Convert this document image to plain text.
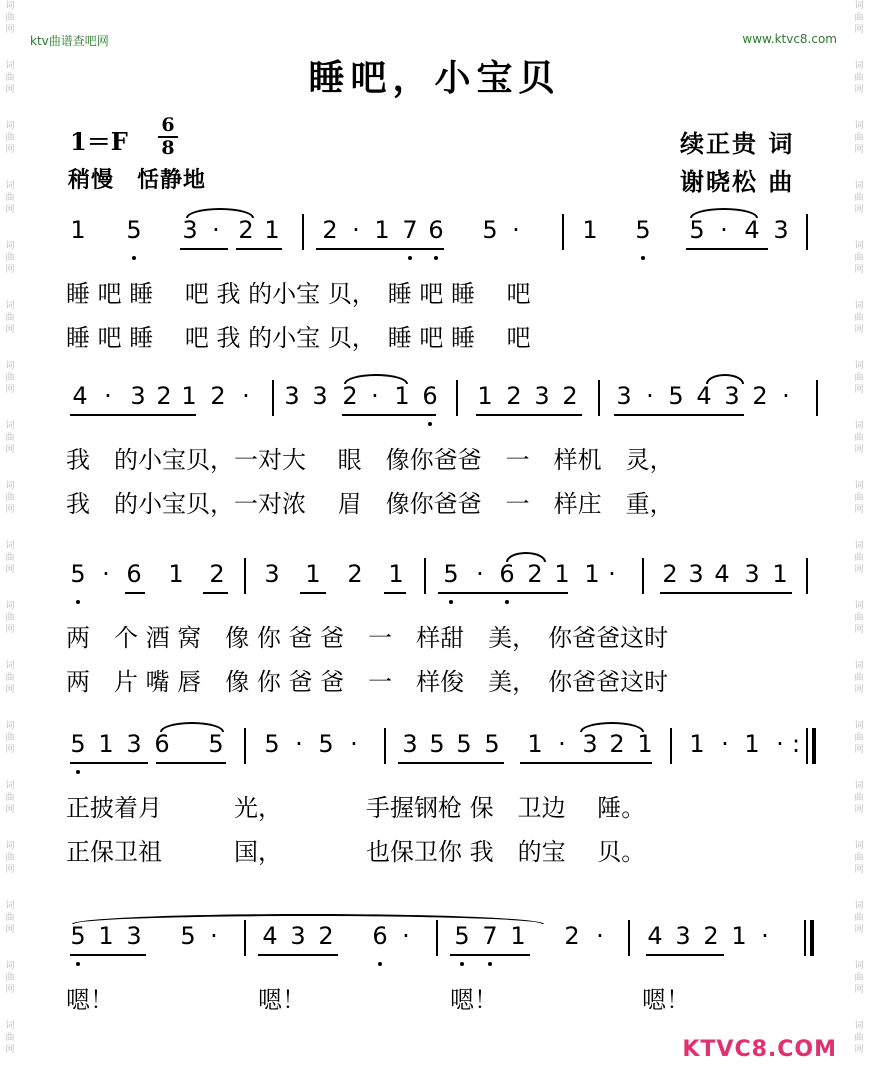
词曲网
词曲网
词曲网
词曲网
词曲网
词曲网
词曲网
词曲网
词曲网
词曲网
词曲网
词曲网
词曲网
词曲网
词曲网
词曲网
词曲网
词曲网
词曲网
词曲网
词曲网
词曲网
词曲网
词曲网
词曲网
词曲网
词曲网
词曲网
词曲网
词曲网
词曲网
词曲网
词曲网
词曲网
词曲网
词曲网
ktv曲谱查吧网	www.ktvc8.com
睡吧，小宝贝
1＝F
6
8
稍慢　恬静地
续正贵 词
谢晓松 曲
1 5 3 · 2 1 2 · 1 7 6 5 ·	1 5 5 · 4 3
睡 吧 睡　 吧 我 的小宝 贝，　睡 吧 睡　 吧
睡 吧 睡　 吧 我 的小宝 贝，　睡 吧 睡　 吧
4 · 3 2 1 2 · 3 3 2 · 1 6 1 2 3 2 3 · 5 4 3 2 ·
我　的小宝贝，一对大　 眼　像你爸爸　一　样机　灵，
我　的小宝贝，一对浓　 眉　像你爸爸　一　样庄　重，
5 · 6 1 2 3 1 2 1 5 · 6 2 1 1 · 2 3 4 3 1
两　个 酒 窝　像 你 爸 爸　一　样甜　美，　你爸爸这时
两　片 嘴 唇　像 你 爸 爸　一　样俊　美，　你爸爸这时
5 1 3 6 5 5 · 5 · 3 5 5 5 1 · 3 2 1 1 · 1 · :
正披着月　　　光，　　　　手握钢枪 保　卫边　 陲。
正保卫祖　　　国，　　　　也保卫你 我　的宝　 贝。
5 1 3 5 · 4 3 2 6 · 5 7 1 2 · 4 3 2 1 ·
嗯！　　　　　　嗯！　　　　　　嗯！　　　　　　嗯！
KTVC8.COM
